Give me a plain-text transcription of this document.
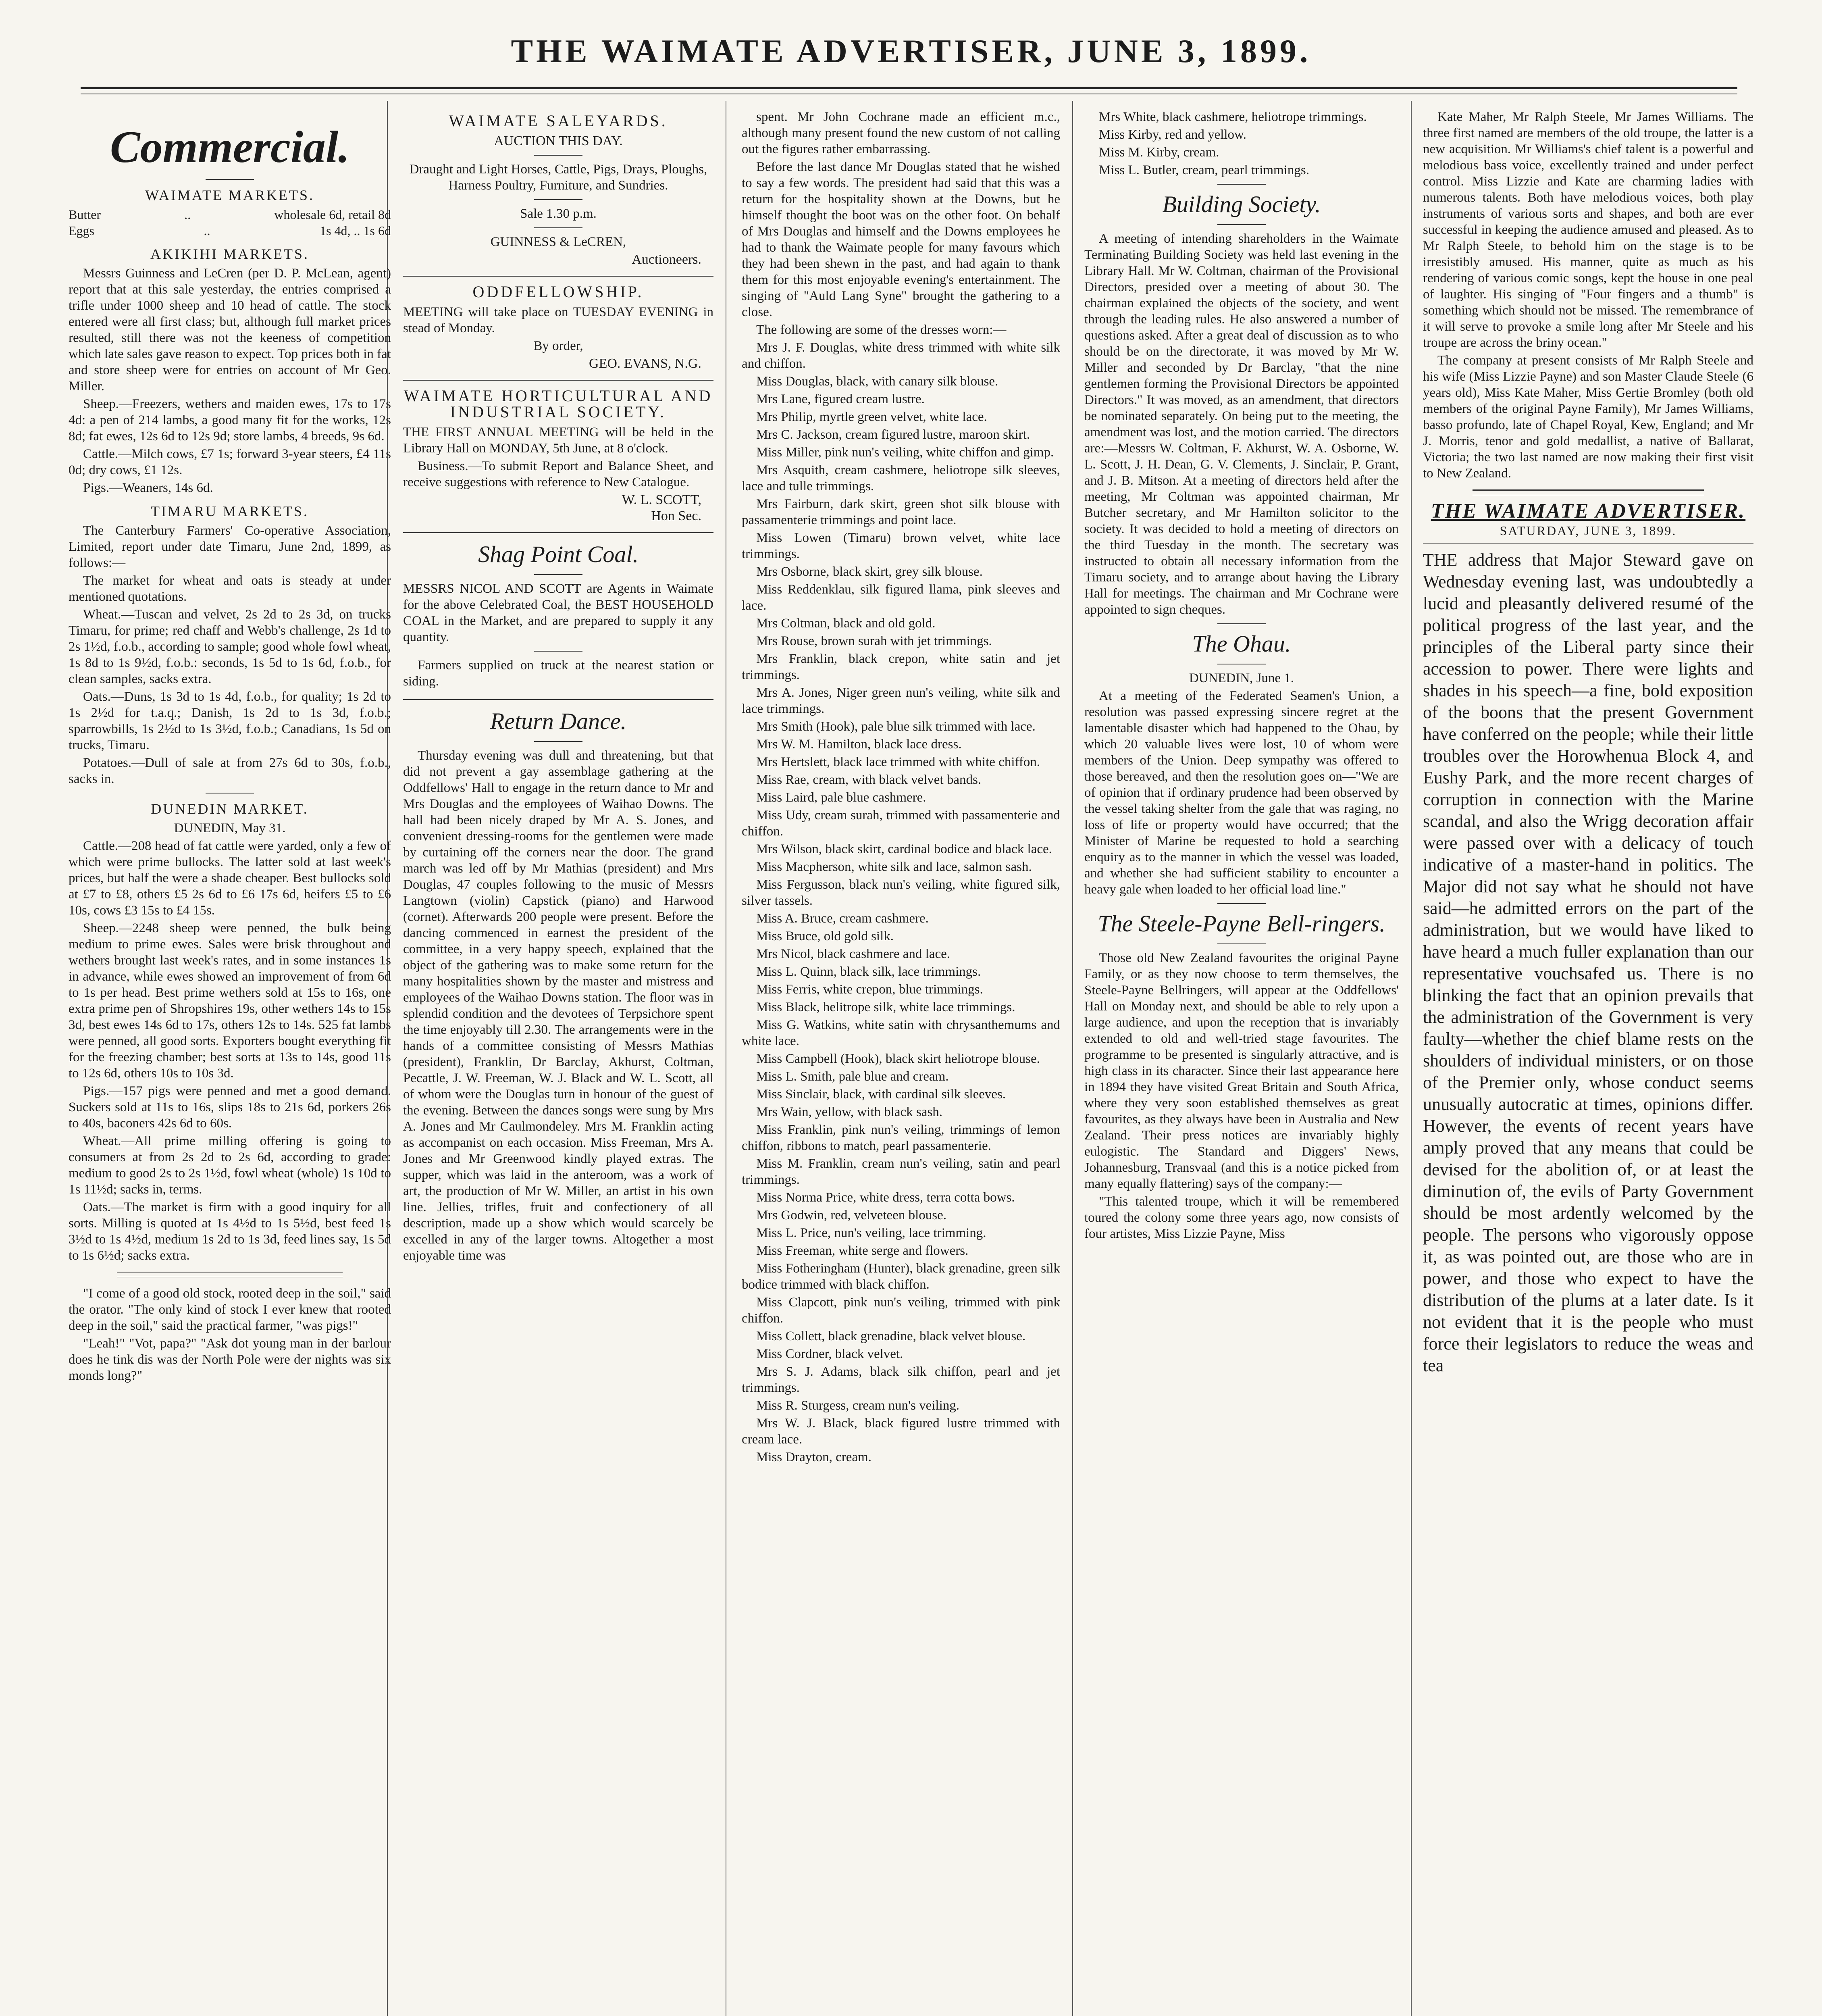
THE WAIMATE ADVERTISER, JUNE 3, 1899.
Commercial.
WAIMATE MARKETS.
Butter	..	wholesale 6d, retail 8d
Eggs	..	1s 4d, .. 1s 6d
AKIKIHI MARKETS.

Messrs Guinness and LeCren (per D. P. McLean, agent) report that at this sale yesterday, the entries comprised a trifle under 1000 sheep and 10 head of cattle. The stock entered were all first class; but, although full market prices resulted, still there was not the keeness of competition which late sales gave reason to expect. Top prices both in fat and store sheep were for entries on account of Mr Geo. Miller.

Sheep.—Freezers, wethers and maiden ewes, 17s to 17s 4d: a pen of 214 lambs, a good many fit for the works, 12s 8d; fat ewes, 12s 6d to 12s 9d; store lambs, 4 breeds, 9s 6d.

Cattle.—Milch cows, £7 1s; forward 3-year steers, £4 11s 0d; dry cows, £1 12s.

Pigs.—Weaners, 14s 6d.

TIMARU MARKETS.

The Canterbury Farmers' Co-operative Association, Limited, report under date Timaru, June 2nd, 1899, as follows:—

The market for wheat and oats is steady at under mentioned quotations.

Wheat.—Tuscan and velvet, 2s 2d to 2s 3d, on trucks Timaru, for prime; red chaff and Webb's challenge, 2s 1d to 2s 1½d, f.o.b., according to sample; good whole fowl wheat, 1s 8d to 1s 9½d, f.o.b.: seconds, 1s 5d to 1s 6d, f.o.b., for clean samples, sacks extra.

Oats.—Duns, 1s 3d to 1s 4d, f.o.b., for quality; 1s 2d to 1s 2½d for t.a.q.; Danish, 1s 2d to 1s 3d, f.o.b.; sparrowbills, 1s 2½d to 1s 3½d, f.o.b.; Canadians, 1s 5d on trucks, Timaru.

Potatoes.—Dull of sale at from 27s 6d to 30s, f.o.b., sacks in.

DUNEDIN MARKET.

DUNEDIN, May 31.

Cattle.—208 head of fat cattle were yarded, only a few of which were prime bullocks. The latter sold at last week's prices, but half the were a shade cheaper. Best bullocks sold at £7 to £8, others £5 2s 6d to £6 17s 6d, heifers £5 to £6 10s, cows £3 15s to £4 15s.

Sheep.—2248 sheep were penned, the bulk being medium to prime ewes. Sales were brisk throughout and wethers brought last week's rates, and in some instances 1s in advance, while ewes showed an improvement of from 6d to 1s per head. Best prime wethers sold at 15s to 16s, one extra prime pen of Shropshires 19s, other wethers 14s to 15s 3d, best ewes 14s 6d to 17s, others 12s to 14s. 525 fat lambs were penned, all good sorts. Exporters bought everything fit for the freezing chamber; best sorts at 13s to 14s, good 11s to 12s 6d, others 10s to 10s 3d.

Pigs.—157 pigs were penned and met a good demand. Suckers sold at 11s to 16s, slips 18s to 21s 6d, porkers 26s to 40s, baconers 42s 6d to 60s.

Wheat.—All prime milling offering is going to consumers at from 2s 2d to 2s 6d, according to grade: medium to good 2s to 2s 1½d, fowl wheat (whole) 1s 10d to 1s 11½d; sacks in, terms.

Oats.—The market is firm with a good inquiry for all sorts. Milling is quoted at 1s 4½d to 1s 5½d, best feed 1s 3½d to 1s 4½d, medium 1s 2d to 1s 3d, feed lines say, 1s 5d to 1s 6½d; sacks extra.

"I come of a good old stock, rooted deep in the soil," said the orator. "The only kind of stock I ever knew that rooted deep in the soil," said the practical farmer, "was pigs!"

"Leah!" "Vot, papa?" "Ask dot young man in der barlour does he tink dis was der North Pole were der nights was six monds long?"

WAIMATE SALEYARDS.
AUCTION THIS DAY.

Draught and Light Horses, Cattle, Pigs, Drays, Ploughs, Harness Poultry, Furniture, and Sundries.

Sale 1.30 p.m.

GUINNESS & LeCREN,

Auctioneers.
ODDFELLOWSHIP.

MEETING will take place on TUESDAY EVENING in stead of Monday.

By order,

GEO. EVANS, N.G.
WAIMATE HORTICULTURAL AND INDUSTRIAL SOCIETY.

THE FIRST ANNUAL MEETING will be held in the Library Hall on MONDAY, 5th June, at 8 o'clock.

Business.—To submit Report and Balance Sheet, and receive suggestions with reference to New Catalogue.

W. L. SCOTT,
Hon Sec.
Shag Point Coal.

MESSRS NICOL AND SCOTT are Agents in Waimate for the above Celebrated Coal, the BEST HOUSEHOLD COAL in the Market, and are prepared to supply it any quantity.

Farmers supplied on truck at the nearest station or siding.

Return Dance.

Thursday evening was dull and threatening, but that did not prevent a gay assemblage gathering at the Oddfellows' Hall to engage in the return dance to Mr and Mrs Douglas and the employees of Waihao Downs. The hall had been nicely draped by Mr A. S. Jones, and convenient dressing-rooms for the gentlemen were made by curtaining off the corners near the door. The grand march was led off by Mr Mathias (president) and Mrs Douglas, 47 couples following to the music of Messrs Langtown (violin) Capstick (piano) and Harwood (cornet). Afterwards 200 people were present. Before the dancing commenced in earnest the president of the committee, in a very happy speech, explained that the object of the gathering was to make some return for the many hospitalities shown by the master and mistress and employees of the Waihao Downs station. The floor was in splendid condition and the devotees of Terpsichore spent the time enjoyably till 2.30. The arrangements were in the hands of a committee consisting of Messrs Mathias (president), Franklin, Dr Barclay, Akhurst, Coltman, Pecattle, J. W. Freeman, W. J. Black and W. L. Scott, all of whom were the Douglas turn in honour of the guest of the evening. Between the dances songs were sung by Mrs A. Jones and Mr Caulmondeley. Mrs M. Franklin acting as accompanist on each occasion. Miss Freeman, Mrs A. Jones and Mr Greenwood kindly played extras. The supper, which was laid in the anteroom, was a work of art, the production of Mr W. Miller, an artist in his own line. Jellies, trifles, fruit and confectionery of all description, made up a show which would scarcely be excelled in any of the larger towns. Altogether a most enjoyable time was

spent. Mr John Cochrane made an efficient m.c., although many present found the new custom of not calling out the figures rather embarrassing.

Before the last dance Mr Douglas stated that he wished to say a few words. The president had said that this was a return for the hospitality shown at the Downs, but he himself thought the boot was on the other foot. On behalf of Mrs Douglas and himself and the Downs employees he had to thank the Waimate people for many favours which they had been shewn in the past, and had again to thank them for this most enjoyable evening's entertainment. The singing of "Auld Lang Syne" brought the gathering to a close.

The following are some of the dresses worn:—

Mrs J. F. Douglas, white dress trimmed with white silk and chiffon.

Miss Douglas, black, with canary silk blouse.

Mrs Lane, figured cream lustre.

Mrs Philip, myrtle green velvet, white lace.

Mrs C. Jackson, cream figured lustre, maroon skirt.

Miss Miller, pink nun's veiling, white chiffon and gimp.

Mrs Asquith, cream cashmere, heliotrope silk sleeves, lace and tulle trimmings.

Mrs Fairburn, dark skirt, green shot silk blouse with passamenterie trimmings and point lace.

Miss Lowen (Timaru) brown velvet, white lace trimmings.

Mrs Osborne, black skirt, grey silk blouse.

Miss Reddenklau, silk figured llama, pink sleeves and lace.

Mrs Coltman, black and old gold.

Mrs Rouse, brown surah with jet trimmings.

Mrs Franklin, black crepon, white satin and jet trimmings.

Mrs A. Jones, Niger green nun's veiling, white silk and lace trimmings.

Mrs Smith (Hook), pale blue silk trimmed with lace.

Mrs W. M. Hamilton, black lace dress.

Mrs Hertslett, black lace trimmed with white chiffon.

Miss Rae, cream, with black velvet bands.

Miss Laird, pale blue cashmere.

Miss Udy, cream surah, trimmed with passamenterie and chiffon.

Mrs Wilson, black skirt, cardinal bodice and black lace.

Miss Macpherson, white silk and lace, salmon sash.

Miss Fergusson, black nun's veiling, white figured silk, silver tassels.

Miss A. Bruce, cream cashmere.

Miss Bruce, old gold silk.

Mrs Nicol, black cashmere and lace.

Miss L. Quinn, black silk, lace trimmings.

Miss Ferris, white crepon, blue trimmings.

Miss Black, helitrope silk, white lace trimmings.

Miss G. Watkins, white satin with chrysanthemums and white lace.

Miss Campbell (Hook), black skirt heliotrope blouse.

Miss L. Smith, pale blue and cream.

Miss Sinclair, black, with cardinal silk sleeves.

Mrs Wain, yellow, with black sash.

Miss Franklin, pink nun's veiling, trimmings of lemon chiffon, ribbons to match, pearl passamenterie.

Miss M. Franklin, cream nun's veiling, satin and pearl trimmings.

Miss Norma Price, white dress, terra cotta bows.

Mrs Godwin, red, velveteen blouse.

Miss L. Price, nun's veiling, lace trimming.

Miss Freeman, white serge and flowers.

Miss Fotheringham (Hunter), black grenadine, green silk bodice trimmed with black chiffon.

Miss Clapcott, pink nun's veiling, trimmed with pink chiffon.

Miss Collett, black grenadine, black velvet blouse.

Miss Cordner, black velvet.

Mrs S. J. Adams, black silk chiffon, pearl and jet trimmings.

Miss R. Sturgess, cream nun's veiling.

Mrs W. J. Black, black figured lustre trimmed with cream lace.

Miss Drayton, cream.

Mrs White, black cashmere, heliotrope trimmings.

Miss Kirby, red and yellow.

Miss M. Kirby, cream.

Miss L. Butler, cream, pearl trimmings.

Building Society.

A meeting of intending shareholders in the Waimate Terminating Building Society was held last evening in the Library Hall. Mr W. Coltman, chairman of the Provisional Directors, presided over a meeting of about 30. The chairman explained the objects of the society, and went through the leading rules. He also answered a number of questions asked. After a great deal of discussion as to who should be on the directorate, it was moved by Mr W. Miller and seconded by Dr Barclay, "that the nine gentlemen forming the Provisional Directors be appointed Directors." It was moved, as an amendment, that directors be nominated separately. On being put to the meeting, the amendment was lost, and the motion carried. The directors are:—Messrs W. Coltman, F. Akhurst, W. A. Osborne, W. L. Scott, J. H. Dean, G. V. Clements, J. Sinclair, P. Grant, and J. B. Mitson. At a meeting of directors held after the meeting, Mr Coltman was appointed chairman, Mr Butcher secretary, and Mr Hamilton solicitor to the society. It was decided to hold a meeting of directors on the third Tuesday in the month. The secretary was instructed to obtain all necessary information from the Timaru society, and to arrange about having the Library Hall for meetings. The chairman and Mr Cochrane were appointed to sign cheques.

The Ohau.

DUNEDIN, June 1.

At a meeting of the Federated Seamen's Union, a resolution was passed expressing sincere regret at the lamentable disaster which had happened to the Ohau, by which 20 valuable lives were lost, 10 of whom were members of the Union. Deep sympathy was offered to those bereaved, and then the resolution goes on—"We are of opinion that if ordinary prudence had been observed by the vessel taking shelter from the gale that was raging, no loss of life or property would have occurred; that the Minister of Marine be requested to hold a searching enquiry as to the manner in which the vessel was loaded, and whether she had sufficient stability to encounter a heavy gale when loaded to her official load line."

The Steele-Payne Bell-ringers.

Those old New Zealand favourites the original Payne Family, or as they now choose to term themselves, the Steele-Payne Bellringers, will appear at the Oddfellows' Hall on Monday next, and should be able to rely upon a large audience, and upon the reception that is invariably extended to old and well-tried stage favourites. The programme to be presented is singularly attractive, and is high class in its character. Since their last appearance here in 1894 they have visited Great Britain and South Africa, where they very soon established themselves as great favourites, as they always have been in Australia and New Zealand. Their press notices are invariably highly eulogistic. The Standard and Diggers' News, Johannesburg, Transvaal (and this is a notice picked from many equally flattering) says of the company:—

"This talented troupe, which it will be remembered toured the colony some three years ago, now consists of four artistes, Miss Lizzie Payne, Miss

Kate Maher, Mr Ralph Steele, Mr James Williams. The three first named are members of the old troupe, the latter is a new acquisition. Mr Williams's chief talent is a powerful and melodious bass voice, excellently trained and under perfect control. Miss Lizzie and Kate are charming ladies with numerous talents. Both have melodious voices, both play instruments of various sorts and shapes, and both are ever successful in keeping the audience amused and pleased. As to Mr Ralph Steele, to behold him on the stage is to be irresistibly amused. His manner, quite as much as his rendering of various comic songs, kept the house in one peal of laughter. His singing of "Four fingers and a thumb" is something which should not be missed. The remembrance of it will serve to provoke a smile long after Mr Steele and his troupe are across the briny ocean."

The company at present consists of Mr Ralph Steele and his wife (Miss Lizzie Payne) and son Master Claude Steele (6 years old), Miss Kate Maher, Miss Gertie Bromley (both old members of the original Payne Family), Mr James Williams, basso profundo, late of Chapel Royal, Kew, England; and Mr J. Morris, tenor and gold medallist, a native of Ballarat, Victoria; the two last named are now making their first visit to New Zealand.

THE WAIMATE ADVERTISER.
SATURDAY, JUNE 3, 1899.

THE address that Major Steward gave on Wednesday evening last, was undoubtedly a lucid and pleasantly delivered resumé of the political progress of the last year, and the principles of the Liberal party since their accession to power. There were lights and shades in his speech—a fine, bold exposition of the boons that the present Government have conferred on the people; while their little troubles over the Horowhenua Block 4, and Eushy Park, and the more recent charges of corruption in connection with the Marine scandal, and also the Wrigg decoration affair were passed over with a delicacy of touch indicative of a master-hand in politics. The Major did not say what he should not have said—he admitted errors on the part of the administration, but we would have liked to have heard a much fuller explanation than our representative vouchsafed us. There is no blinking the fact that an opinion prevails that the administration of the Government is very faulty—whether the chief blame rests on the shoulders of individual ministers, or on those of the Premier only, whose conduct seems unusually autocratic at times, opinions differ. However, the events of recent years have amply proved that any means that could be devised for the abolition of, or at least the diminution of, the evils of Party Government should be most ardently welcomed by the people. The persons who vigorously oppose it, as was pointed out, are those who are in power, and those who expect to have the distribution of the plums at a later date. Is it not evident that it is the people who must force their legislators to reduce the weas and tea
